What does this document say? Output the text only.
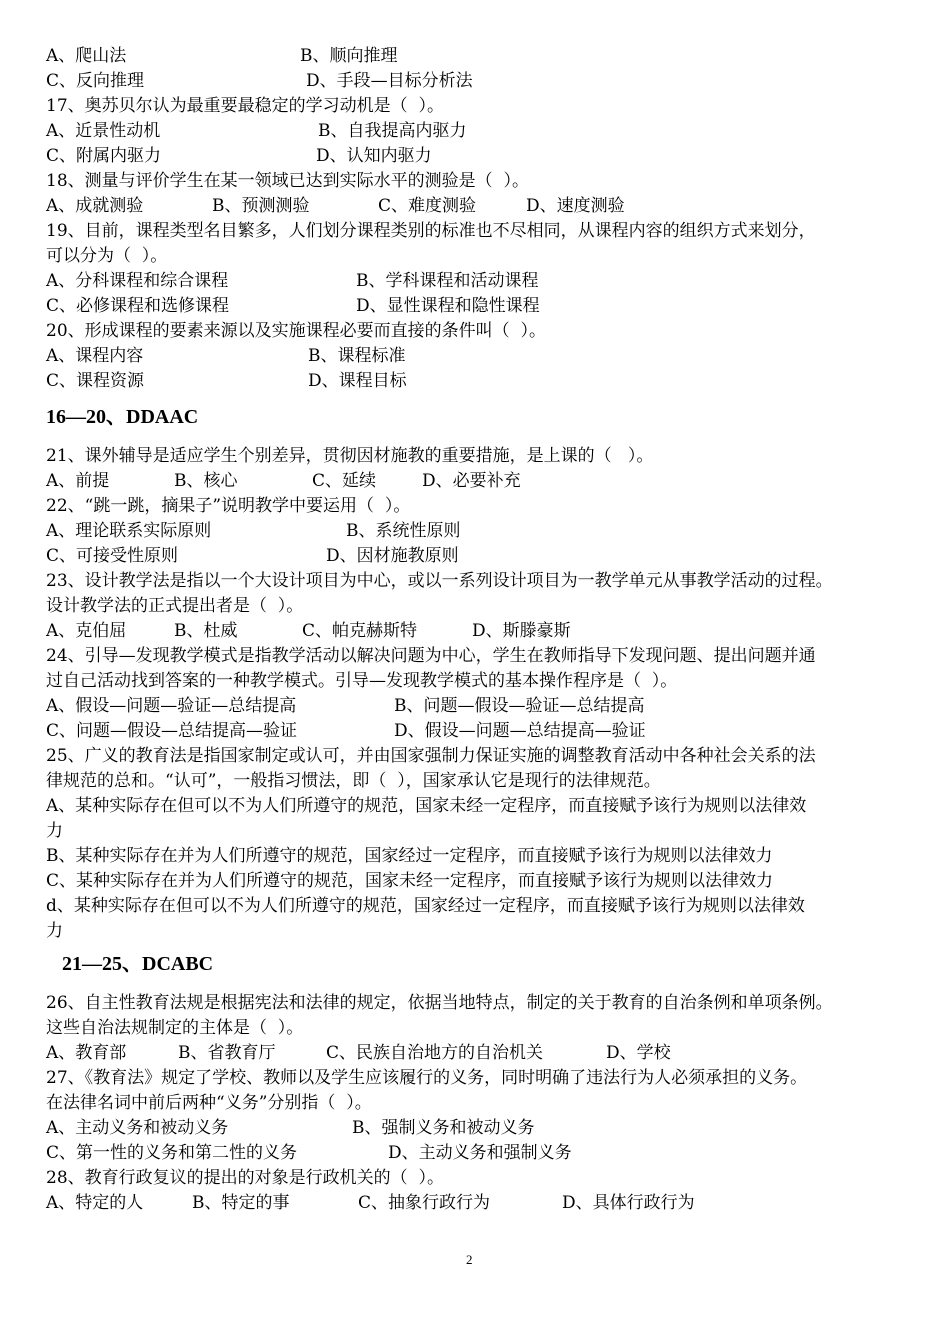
A、爬山法	B、顺向推理
C、反向推理	D、手段—目标分析法
17、奥苏贝尔认为最重要最稳定的学习动机是（  ）。
A、近景性动机	B、自我提高内驱力
C、附属内驱力	D、认知内驱力
18、测量与评价学生在某一领域已达到实际水平的测验是（  ）。
A、成就测验	B、预测测验	C、难度测验	D、速度测验
19、目前，课程类型名目繁多，人们划分课程类别的标准也不尽相同，从课程内容的组织方式来划分，
可以分为（  ）。
A、分科课程和综合课程	B、学科课程和活动课程
C、必修课程和选修课程	D、显性课程和隐性课程
20、形成课程的要素来源以及实施课程必要而直接的条件叫（  ）。
A、课程内容	B、课程标准
C、课程资源	D、课程目标
16—20、DDAAC
21、课外辅导是适应学生个别差异，贯彻因材施教的重要措施，是上课的（   ）。
A、前提	B、核心	C、延续	D、必要补充
22、“跳一跳，摘果子”说明教学中要运用（  ）。
A、理论联系实际原则	B、系统性原则
C、可接受性原则	D、因材施教原则
23、设计教学法是指以一个大设计项目为中心，或以一系列设计项目为一教学单元从事教学活动的过程。
设计教学法的正式提出者是（  ）。
A、克伯屈	B、杜威	C、帕克赫斯特	D、斯滕豪斯
24、引导—发现教学模式是指教学活动以解决问题为中心，学生在教师指导下发现问题、提出问题并通
过自己活动找到答案的一种教学模式。引导—发现教学模式的基本操作程序是（  ）。
A、假设—问题—验证—总结提高	B、问题—假设—验证—总结提高
C、问题—假设—总结提高—验证	D、假设—问题—总结提高—验证
25、广义的教育法是指国家制定或认可，并由国家强制力保证实施的调整教育活动中各种社会关系的法
律规范的总和。“认可”，一般指习惯法，即（  ），国家承认它是现行的法律规范。
A、某种实际存在但可以不为人们所遵守的规范，国家未经一定程序，而直接赋予该行为规则以法律效
力
B、某种实际存在并为人们所遵守的规范，国家经过一定程序，而直接赋予该行为规则以法律效力
C、某种实际存在并为人们所遵守的规范，国家未经一定程序，而直接赋予该行为规则以法律效力
d、某种实际存在但可以不为人们所遵守的规范，国家经过一定程序，而直接赋予该行为规则以法律效
力
21—25、DCABC
26、自主性教育法规是根据宪法和法律的规定，依据当地特点，制定的关于教育的自治条例和单项条例。
这些自治法规制定的主体是（  ）。
A、教育部	B、省教育厅	C、民族自治地方的自治机关	D、学校
27、《教育法》规定了学校、教师以及学生应该履行的义务，同时明确了违法行为人必须承担的义务。
在法律名词中前后两种“义务”分别指（  ）。
A、主动义务和被动义务	B、强制义务和被动义务
C、第一性的义务和第二性的义务	D、主动义务和强制义务
28、教育行政复议的提出的对象是行政机关的（  ）。
A、特定的人	B、特定的事	C、抽象行政行为	D、具体行政行为
2
